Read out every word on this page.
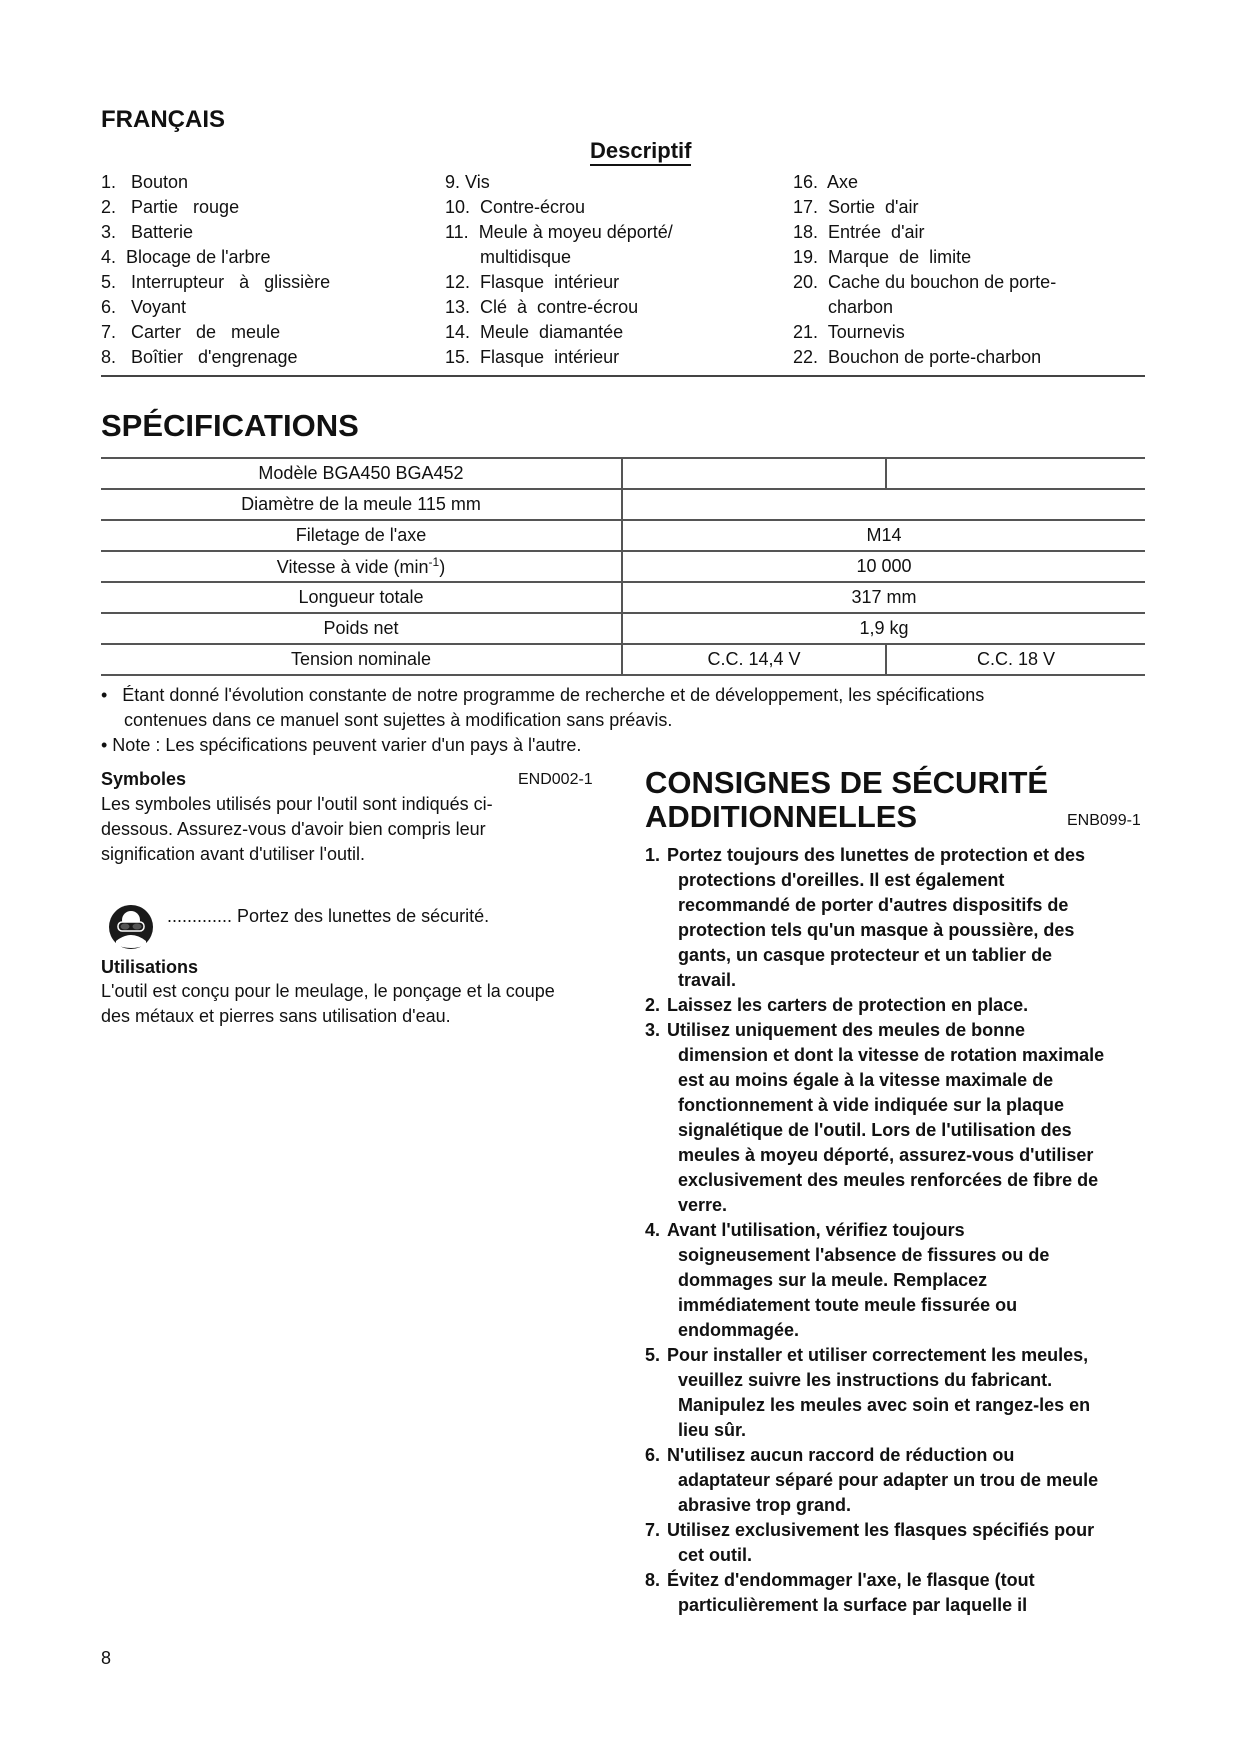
FRANÇAIS
Descriptif
1.   Bouton
2.   Partie   rouge
3.   Batterie
4.  Blocage de l'arbre
5.   Interrupteur   à   glissière
6.   Voyant
7.   Carter   de   meule
8.   Boîtier   d'engrenage
9. Vis
10.  Contre-écrou
11.  Meule à moyeu déporté/
multidisque
12.  Flasque  intérieur
13.  Clé  à  contre-écrou
14.  Meule  diamantée
15.  Flasque  intérieur
16.  Axe
17.  Sortie  d'air
18.  Entrée  d'air
19.  Marque  de  limite
20.  Cache du bouchon de porte-
charbon
21.  Tournevis
22.  Bouchon de porte-charbon
SPÉCIFICATIONS
Modèle BGA450 BGA452		
Diamètre de la meule 115 mm		
Filetage de l'axe	M14	
Vitesse à vide $(\min^{-1})$	10 000	
Longueur totale	317 mm	
Poids net	1,9 kg	
Tension nominale	C.C. 14,4 V	C.C. 18 V
•   Étant donné l'évolution constante de notre programme de recherche et de développement, les spécifications
contenues dans ce manuel sont sujettes à modification sans préavis.
• Note : Les spécifications peuvent varier d'un pays à l'autre.
Symboles	END002-1
Les symboles utilisés pour l'outil sont indiqués ci-
dessous. Assurez-vous d'avoir bien compris leur
signification avant d'utiliser l'outil.
............. Portez des lunettes de sécurité.
Utilisations
L'outil est conçu pour le meulage, le ponçage et la coupe
des métaux et pierres sans utilisation d'eau.
CONSIGNES DE SÉCURITÉ
ADDITIONNELLES	ENB099-1
1. Portez toujours des lunettes de protection et des
protections d'oreilles. Il est également
recommandé de porter d'autres dispositifs de
protection tels qu'un masque à poussière, des
gants, un casque protecteur et un tablier de
travail.
2. Laissez les carters de protection en place.
3. Utilisez uniquement des meules de bonne
dimension et dont la vitesse de rotation maximale
est au moins égale à la vitesse maximale de
fonctionnement à vide indiquée sur la plaque
signalétique de l'outil. Lors de l'utilisation des
meules à moyeu déporté, assurez-vous d'utiliser
exclusivement des meules renforcées de fibre de
verre.
4. Avant l'utilisation, vérifiez toujours
soigneusement l'absence de fissures ou de
dommages sur la meule. Remplacez
immédiatement toute meule fissurée ou
endommagée.
5. Pour installer et utiliser correctement les meules,
veuillez suivre les instructions du fabricant.
Manipulez les meules avec soin et rangez-les en
lieu sûr.
6. N'utilisez aucun raccord de réduction ou
adaptateur séparé pour adapter un trou de meule
abrasive trop grand.
7. Utilisez exclusivement les flasques spécifiés pour
cet outil.
8. Évitez d'endommager l'axe, le flasque (tout
particulièrement la surface par laquelle il
8
